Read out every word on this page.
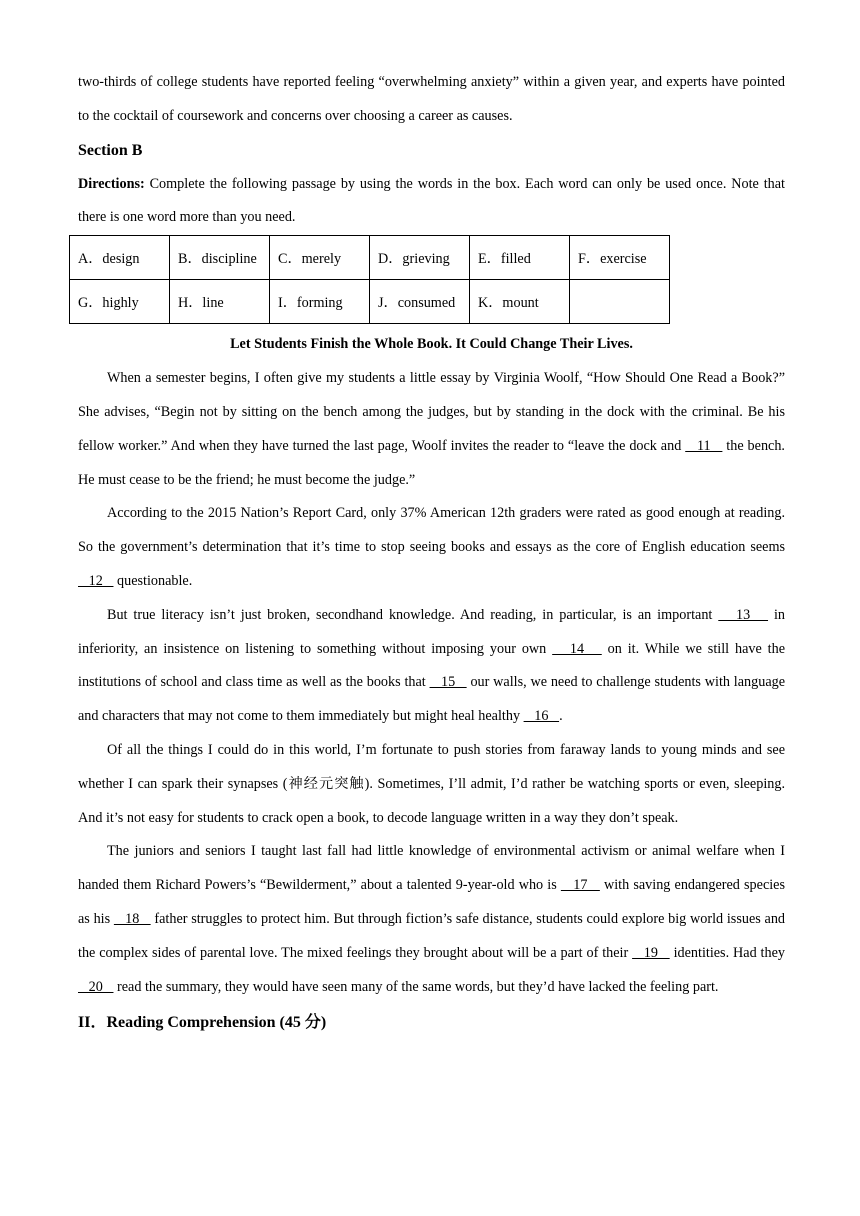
two-thirds of college students have reported feeling “overwhelming anxiety” within a given year, and experts have pointed to the cocktail of coursework and concerns over choosing a career as causes.

Section B

Directions: Complete the following passage by using the words in the box. Each word can only be used once. Note that there is one word more than you need.

A．design	B．discipline	C．merely	D．grieving	E．filled	F．exercise
G．highly	H．line	I．forming	J．consumed	K．mount	
Let Students Finish the Whole Book. It Could Change Their Lives.

When a semester begins, I often give my students a little essay by Virginia Woolf, “How Should One Read a Book?” She advises, “Begin not by sitting on the bench among the judges, but by standing in the dock with the criminal. Be his fellow worker.” And when they have turned the last page, Woolf invites the reader to “leave the dock and    11    the bench. He must cease to be the friend; he must become the judge.”

According to the 2015 Nation’s Report Card, only 37% American 12th graders were rated as good enough at reading. So the government’s determination that it’s time to stop seeing books and essays as the core of English education seems    12    questionable.

But true literacy isn’t just broken, secondhand knowledge. And reading, in particular, is an important    13    in inferiority, an insistence on listening to something without imposing your own    14    on it. While we still have the institutions of school and class time as well as the books that    15    our walls, we need to challenge students with language and characters that may not come to them immediately but might heal healthy    16   .

Of all the things I could do in this world, I’m fortunate to push stories from faraway lands to young minds and see whether I can spark their synapses (神经元突触). Sometimes, I’ll admit, I’d rather be watching sports or even, sleeping. And it’s not easy for students to crack open a book, to decode language written in a way they don’t speak.

The juniors and seniors I taught last fall had little knowledge of environmental activism or animal welfare when I handed them Richard Powers’s “Bewilderment,” about a talented 9-year-old who is    17    with saving endangered species as his    18    father struggles to protect him. But through fiction’s safe distance, students could explore big world issues and the complex sides of parental love. The mixed feelings they brought about will be a part of their    19    identities. Had they    20    read the summary, they would have seen many of the same words, but they’d have lacked the feeling part.

II．Reading Comprehension (45 分)
